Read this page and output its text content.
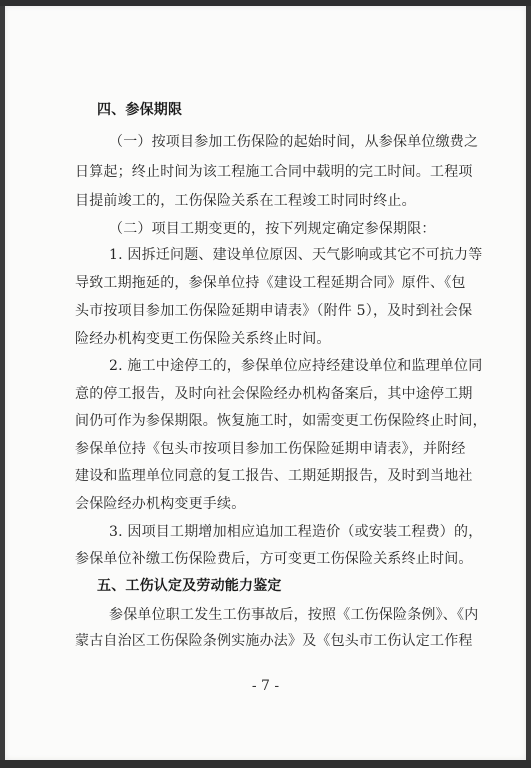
四、参保期限
（一）按项目参加工伤保险的起始时间，从参保单位缴费之
日算起；终止时间为该工程施工合同中载明的完工时间。工程项
目提前竣工的，工伤保险关系在工程竣工时同时终止。
（二）项目工期变更的，按下列规定确定参保期限：
1. 因拆迁问题、建设单位原因、天气影响或其它不可抗力等
导致工期拖延的，参保单位持《建设工程延期合同》原件、《包
头市按项目参加工伤保险延期申请表》（附件 5），及时到社会保
险经办机构变更工伤保险关系终止时间。
2. 施工中途停工的，参保单位应持经建设单位和监理单位同
意的停工报告，及时向社会保险经办机构备案后，其中途停工期
间仍可作为参保期限。恢复施工时，如需变更工伤保险终止时间，
参保单位持《包头市按项目参加工伤保险延期申请表》，并附经
建设和监理单位同意的复工报告、工期延期报告，及时到当地社
会保险经办机构变更手续。
3. 因项目工期增加相应追加工程造价（或安装工程费）的，
参保单位补缴工伤保险费后，方可变更工伤保险关系终止时间。
五、工伤认定及劳动能力鉴定
参保单位职工发生工伤事故后，按照《工伤保险条例》、《内
蒙古自治区工伤保险条例实施办法》及《包头市工伤认定工作程
- 7 -
